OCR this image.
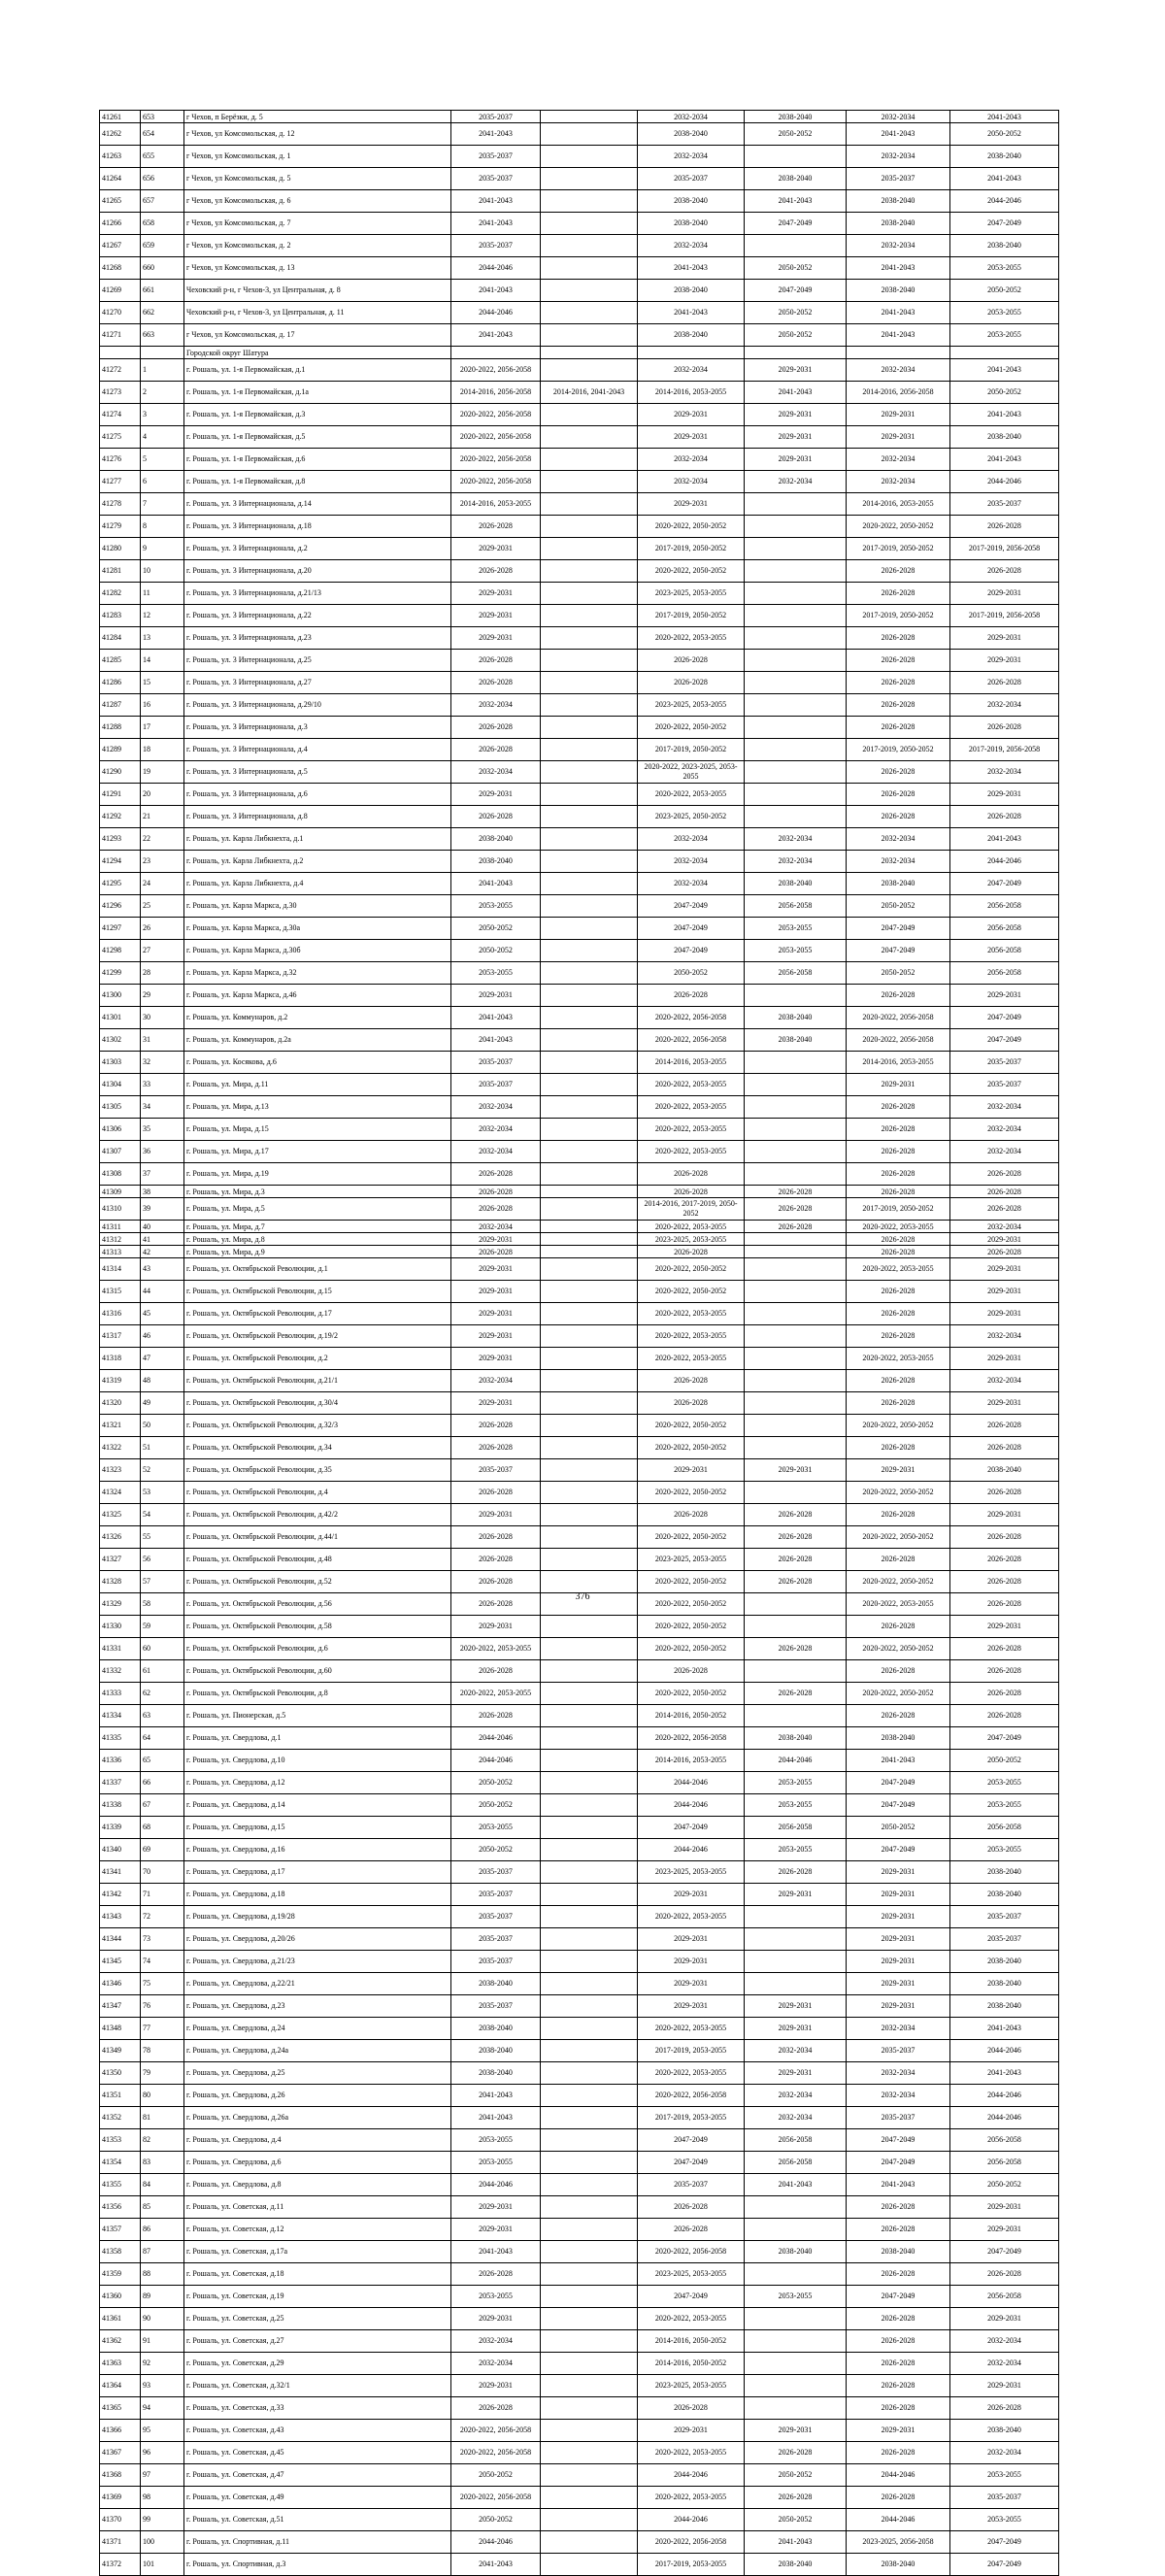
41261	653	г Чехов, п Берёзки, д. 5	2035-2037		2032-2034	2038-2040	2032-2034	2041-2043
41262	654	г Чехов, ул Комсомольская, д. 12	2041-2043		2038-2040	2050-2052	2041-2043	2050-2052
41263	655	г Чехов, ул Комсомольская, д. 1	2035-2037		2032-2034		2032-2034	2038-2040
41264	656	г Чехов, ул Комсомольская, д. 5	2035-2037		2035-2037	2038-2040	2035-2037	2041-2043
41265	657	г Чехов, ул Комсомольская, д. 6	2041-2043		2038-2040	2041-2043	2038-2040	2044-2046
41266	658	г Чехов, ул Комсомольская, д. 7	2041-2043		2038-2040	2047-2049	2038-2040	2047-2049
41267	659	г Чехов, ул Комсомольская, д. 2	2035-2037		2032-2034		2032-2034	2038-2040
41268	660	г Чехов, ул Комсомольская, д. 13	2044-2046		2041-2043	2050-2052	2041-2043	2053-2055
41269	661	Чеховский р-н, г Чехов-3, ул Центральная, д. 8	2041-2043		2038-2040	2047-2049	2038-2040	2050-2052
41270	662	Чеховский р-н, г Чехов-3, ул Центральная, д. 11	2044-2046		2041-2043	2050-2052	2041-2043	2053-2055
41271	663	г Чехов, ул Комсомольская, д. 17	2041-2043		2038-2040	2050-2052	2041-2043	2053-2055
		Городской округ Шатура						
41272	1	г. Рошаль, ул. 1-я Первомайская, д.1	2020-2022, 2056-2058		2032-2034	2029-2031	2032-2034	2041-2043
41273	2	г. Рошаль, ул. 1-я Первомайская, д.1а	2014-2016, 2056-2058	2014-2016, 2041-2043	2014-2016, 2053-2055	2041-2043	2014-2016, 2056-2058	2050-2052
41274	3	г. Рошаль, ул. 1-я Первомайская, д.3	2020-2022, 2056-2058		2029-2031	2029-2031	2029-2031	2041-2043
41275	4	г. Рошаль, ул. 1-я Первомайская, д.5	2020-2022, 2056-2058		2029-2031	2029-2031	2029-2031	2038-2040
41276	5	г. Рошаль, ул. 1-я Первомайская, д.6	2020-2022, 2056-2058		2032-2034	2029-2031	2032-2034	2041-2043
41277	6	г. Рошаль, ул. 1-я Первомайская, д.8	2020-2022, 2056-2058		2032-2034	2032-2034	2032-2034	2044-2046
41278	7	г. Рошаль, ул. 3 Интернационала, д.14	2014-2016, 2053-2055		2029-2031		2014-2016, 2053-2055	2035-2037
41279	8	г. Рошаль, ул. 3 Интернационала, д.18	2026-2028		2020-2022, 2050-2052		2020-2022, 2050-2052	2026-2028
41280	9	г. Рошаль, ул. 3 Интернационала, д.2	2029-2031		2017-2019, 2050-2052		2017-2019, 2050-2052	2017-2019, 2056-2058
41281	10	г. Рошаль, ул. 3 Интернационала, д.20	2026-2028		2020-2022, 2050-2052		2026-2028	2026-2028
41282	11	г. Рошаль, ул. 3 Интернационала, д.21/13	2029-2031		2023-2025, 2053-2055		2026-2028	2029-2031
41283	12	г. Рошаль, ул. 3 Интернационала, д.22	2029-2031		2017-2019, 2050-2052		2017-2019, 2050-2052	2017-2019, 2056-2058
41284	13	г. Рошаль, ул. 3 Интернационала, д.23	2029-2031		2020-2022, 2053-2055		2026-2028	2029-2031
41285	14	г. Рошаль, ул. 3 Интернационала, д.25	2026-2028		2026-2028		2026-2028	2029-2031
41286	15	г. Рошаль, ул. 3 Интернационала, д.27	2026-2028		2026-2028		2026-2028	2026-2028
41287	16	г. Рошаль, ул. 3 Интернационала, д.29/10	2032-2034		2023-2025, 2053-2055		2026-2028	2032-2034
41288	17	г. Рошаль, ул. 3 Интернационала, д.3	2026-2028		2020-2022, 2050-2052		2026-2028	2026-2028
41289	18	г. Рошаль, ул. 3 Интернационала, д.4	2026-2028		2017-2019, 2050-2052		2017-2019, 2050-2052	2017-2019, 2056-2058
41290	19	г. Рошаль, ул. 3 Интернационала, д.5	2032-2034		2020-2022, 2023-2025, 2053-2055		2026-2028	2032-2034
41291	20	г. Рошаль, ул. 3 Интернационала, д.6	2029-2031		2020-2022, 2053-2055		2026-2028	2029-2031
41292	21	г. Рошаль, ул. 3 Интернационала, д.8	2026-2028		2023-2025, 2050-2052		2026-2028	2026-2028
41293	22	г. Рошаль, ул. Карла Либкнехта, д.1	2038-2040		2032-2034	2032-2034	2032-2034	2041-2043
41294	23	г. Рошаль, ул. Карла Либкнехта, д.2	2038-2040		2032-2034	2032-2034	2032-2034	2044-2046
41295	24	г. Рошаль, ул. Карла Либкнехта, д.4	2041-2043		2032-2034	2038-2040	2038-2040	2047-2049
41296	25	г. Рошаль, ул. Карла Маркса, д.30	2053-2055		2047-2049	2056-2058	2050-2052	2056-2058
41297	26	г. Рошаль, ул. Карла Маркса, д.30а	2050-2052		2047-2049	2053-2055	2047-2049	2056-2058
41298	27	г. Рошаль, ул. Карла Маркса, д.30б	2050-2052		2047-2049	2053-2055	2047-2049	2056-2058
41299	28	г. Рошаль, ул. Карла Маркса, д.32	2053-2055		2050-2052	2056-2058	2050-2052	2056-2058
41300	29	г. Рошаль, ул. Карла Маркса, д.46	2029-2031		2026-2028		2026-2028	2029-2031
41301	30	г. Рошаль, ул. Коммунаров, д.2	2041-2043		2020-2022, 2056-2058	2038-2040	2020-2022, 2056-2058	2047-2049
41302	31	г. Рошаль, ул. Коммунаров, д.2а	2041-2043		2020-2022, 2056-2058	2038-2040	2020-2022, 2056-2058	2047-2049
41303	32	г. Рошаль, ул. Косякова, д.6	2035-2037		2014-2016, 2053-2055		2014-2016, 2053-2055	2035-2037
41304	33	г. Рошаль, ул. Мира, д.11	2035-2037		2020-2022, 2053-2055		2029-2031	2035-2037
41305	34	г. Рошаль, ул. Мира, д.13	2032-2034		2020-2022, 2053-2055		2026-2028	2032-2034
41306	35	г. Рошаль, ул. Мира, д.15	2032-2034		2020-2022, 2053-2055		2026-2028	2032-2034
41307	36	г. Рошаль, ул. Мира, д.17	2032-2034		2020-2022, 2053-2055		2026-2028	2032-2034
41308	37	г. Рошаль, ул. Мира, д.19	2026-2028		2026-2028		2026-2028	2026-2028
41309	38	г. Рошаль, ул. Мира, д.3	2026-2028		2026-2028	2026-2028	2026-2028	2026-2028
41310	39	г. Рошаль, ул. Мира, д.5	2026-2028		2014-2016, 2017-2019, 2050-2052	2026-2028	2017-2019, 2050-2052	2026-2028
41311	40	г. Рошаль, ул. Мира, д.7	2032-2034		2020-2022, 2053-2055	2026-2028	2020-2022, 2053-2055	2032-2034
41312	41	г. Рошаль, ул. Мира, д.8	2029-2031		2023-2025, 2053-2055		2026-2028	2029-2031
41313	42	г. Рошаль, ул. Мира, д.9	2026-2028		2026-2028		2026-2028	2026-2028
41314	43	г. Рошаль, ул. Октябрьской Революции, д.1	2029-2031		2020-2022, 2050-2052		2020-2022, 2053-2055	2029-2031
41315	44	г. Рошаль, ул. Октябрьской Революции, д.15	2029-2031		2020-2022, 2050-2052		2026-2028	2029-2031
41316	45	г. Рошаль, ул. Октябрьской Революции, д.17	2029-2031		2020-2022, 2053-2055		2026-2028	2029-2031
41317	46	г. Рошаль, ул. Октябрьской Революции, д.19/2	2029-2031		2020-2022, 2053-2055		2026-2028	2032-2034
41318	47	г. Рошаль, ул. Октябрьской Революции, д.2	2029-2031		2020-2022, 2053-2055		2020-2022, 2053-2055	2029-2031
41319	48	г. Рошаль, ул. Октябрьской Революции, д.21/1	2032-2034		2026-2028		2026-2028	2032-2034
41320	49	г. Рошаль, ул. Октябрьской Революции, д.30/4	2029-2031		2026-2028		2026-2028	2029-2031
41321	50	г. Рошаль, ул. Октябрьской Революции, д.32/3	2026-2028		2020-2022, 2050-2052		2020-2022, 2050-2052	2026-2028
41322	51	г. Рошаль, ул. Октябрьской Революции, д.34	2026-2028		2020-2022, 2050-2052		2026-2028	2026-2028
41323	52	г. Рошаль, ул. Октябрьской Революции, д.35	2035-2037		2029-2031	2029-2031	2029-2031	2038-2040
41324	53	г. Рошаль, ул. Октябрьской Революции, д.4	2026-2028		2020-2022, 2050-2052		2020-2022, 2050-2052	2026-2028
41325	54	г. Рошаль, ул. Октябрьской Революции, д.42/2	2029-2031		2026-2028	2026-2028	2026-2028	2029-2031
41326	55	г. Рошаль, ул. Октябрьской Революции, д.44/1	2026-2028		2020-2022, 2050-2052	2026-2028	2020-2022, 2050-2052	2026-2028
41327	56	г. Рошаль, ул. Октябрьской Революции, д.48	2026-2028		2023-2025, 2053-2055	2026-2028	2026-2028	2026-2028
41328	57	г. Рошаль, ул. Октябрьской Революции, д.52	2026-2028		2020-2022, 2050-2052	2026-2028	2020-2022, 2050-2052	2026-2028
41329	58	г. Рошаль, ул. Октябрьской Революции, д.56	2026-2028		2020-2022, 2050-2052		2020-2022, 2053-2055	2026-2028
41330	59	г. Рошаль, ул. Октябрьской Революции, д.58	2029-2031		2020-2022, 2050-2052		2026-2028	2029-2031
41331	60	г. Рошаль, ул. Октябрьской Революции, д.6	2020-2022, 2053-2055		2020-2022, 2050-2052	2026-2028	2020-2022, 2050-2052	2026-2028
41332	61	г. Рошаль, ул. Октябрьской Революции, д.60	2026-2028		2026-2028		2026-2028	2026-2028
41333	62	г. Рошаль, ул. Октябрьской Революции, д.8	2020-2022, 2053-2055		2020-2022, 2050-2052	2026-2028	2020-2022, 2050-2052	2026-2028
41334	63	г. Рошаль, ул. Пионерская, д.5	2026-2028		2014-2016, 2050-2052		2026-2028	2026-2028
41335	64	г. Рошаль, ул. Свердлова, д.1	2044-2046		2020-2022, 2056-2058	2038-2040	2038-2040	2047-2049
41336	65	г. Рошаль, ул. Свердлова, д.10	2044-2046		2014-2016, 2053-2055	2044-2046	2041-2043	2050-2052
41337	66	г. Рошаль, ул. Свердлова, д.12	2050-2052		2044-2046	2053-2055	2047-2049	2053-2055
41338	67	г. Рошаль, ул. Свердлова, д.14	2050-2052		2044-2046	2053-2055	2047-2049	2053-2055
41339	68	г. Рошаль, ул. Свердлова, д.15	2053-2055		2047-2049	2056-2058	2050-2052	2056-2058
41340	69	г. Рошаль, ул. Свердлова, д.16	2050-2052		2044-2046	2053-2055	2047-2049	2053-2055
41341	70	г. Рошаль, ул. Свердлова, д.17	2035-2037		2023-2025, 2053-2055	2026-2028	2029-2031	2038-2040
41342	71	г. Рошаль, ул. Свердлова, д.18	2035-2037		2029-2031	2029-2031	2029-2031	2038-2040
41343	72	г. Рошаль, ул. Свердлова, д.19/28	2035-2037		2020-2022, 2053-2055		2029-2031	2035-2037
41344	73	г. Рошаль, ул. Свердлова, д.20/26	2035-2037		2029-2031		2029-2031	2035-2037
41345	74	г. Рошаль, ул. Свердлова, д.21/23	2035-2037		2029-2031		2029-2031	2038-2040
41346	75	г. Рошаль, ул. Свердлова, д.22/21	2038-2040		2029-2031		2029-2031	2038-2040
41347	76	г. Рошаль, ул. Свердлова, д.23	2035-2037		2029-2031	2029-2031	2029-2031	2038-2040
41348	77	г. Рошаль, ул. Свердлова, д.24	2038-2040		2020-2022, 2053-2055	2029-2031	2032-2034	2041-2043
41349	78	г. Рошаль, ул. Свердлова, д.24а	2038-2040		2017-2019, 2053-2055	2032-2034	2035-2037	2044-2046
41350	79	г. Рошаль, ул. Свердлова, д.25	2038-2040		2020-2022, 2053-2055	2029-2031	2032-2034	2041-2043
41351	80	г. Рошаль, ул. Свердлова, д.26	2041-2043		2020-2022, 2056-2058	2032-2034	2032-2034	2044-2046
41352	81	г. Рошаль, ул. Свердлова, д.26а	2041-2043		2017-2019, 2053-2055	2032-2034	2035-2037	2044-2046
41353	82	г. Рошаль, ул. Свердлова, д.4	2053-2055		2047-2049	2056-2058	2047-2049	2056-2058
41354	83	г. Рошаль, ул. Свердлова, д.6	2053-2055		2047-2049	2056-2058	2047-2049	2056-2058
41355	84	г. Рошаль, ул. Свердлова, д.8	2044-2046		2035-2037	2041-2043	2041-2043	2050-2052
41356	85	г. Рошаль, ул. Советская, д.11	2029-2031		2026-2028		2026-2028	2029-2031
41357	86	г. Рошаль, ул. Советская, д.12	2029-2031		2026-2028		2026-2028	2029-2031
41358	87	г. Рошаль, ул. Советская, д.17а	2041-2043		2020-2022, 2056-2058	2038-2040	2038-2040	2047-2049
41359	88	г. Рошаль, ул. Советская, д.18	2026-2028		2023-2025, 2053-2055		2026-2028	2026-2028
41360	89	г. Рошаль, ул. Советская, д.19	2053-2055		2047-2049	2053-2055	2047-2049	2056-2058
41361	90	г. Рошаль, ул. Советская, д.25	2029-2031		2020-2022, 2053-2055		2026-2028	2029-2031
41362	91	г. Рошаль, ул. Советская, д.27	2032-2034		2014-2016, 2050-2052		2026-2028	2032-2034
41363	92	г. Рошаль, ул. Советская, д.29	2032-2034		2014-2016, 2050-2052		2026-2028	2032-2034
41364	93	г. Рошаль, ул. Советская, д.32/1	2029-2031		2023-2025, 2053-2055		2026-2028	2029-2031
41365	94	г. Рошаль, ул. Советская, д.33	2026-2028		2026-2028		2026-2028	2026-2028
41366	95	г. Рошаль, ул. Советская, д.43	2020-2022, 2056-2058		2029-2031	2029-2031	2029-2031	2038-2040
41367	96	г. Рошаль, ул. Советская, д.45	2020-2022, 2056-2058		2020-2022, 2053-2055	2026-2028	2026-2028	2032-2034
41368	97	г. Рошаль, ул. Советская, д.47	2050-2052		2044-2046	2050-2052	2044-2046	2053-2055
41369	98	г. Рошаль, ул. Советская, д.49	2020-2022, 2056-2058		2020-2022, 2053-2055	2026-2028	2026-2028	2035-2037
41370	99	г. Рошаль, ул. Советская, д.51	2050-2052		2044-2046	2050-2052	2044-2046	2053-2055
41371	100	г. Рошаль, ул. Спортивная, д.11	2044-2046		2020-2022, 2056-2058	2041-2043	2023-2025, 2056-2058	2047-2049
41372	101	г. Рошаль, ул. Спортивная, д.3	2041-2043		2017-2019, 2053-2055	2038-2040	2038-2040	2047-2049
376
